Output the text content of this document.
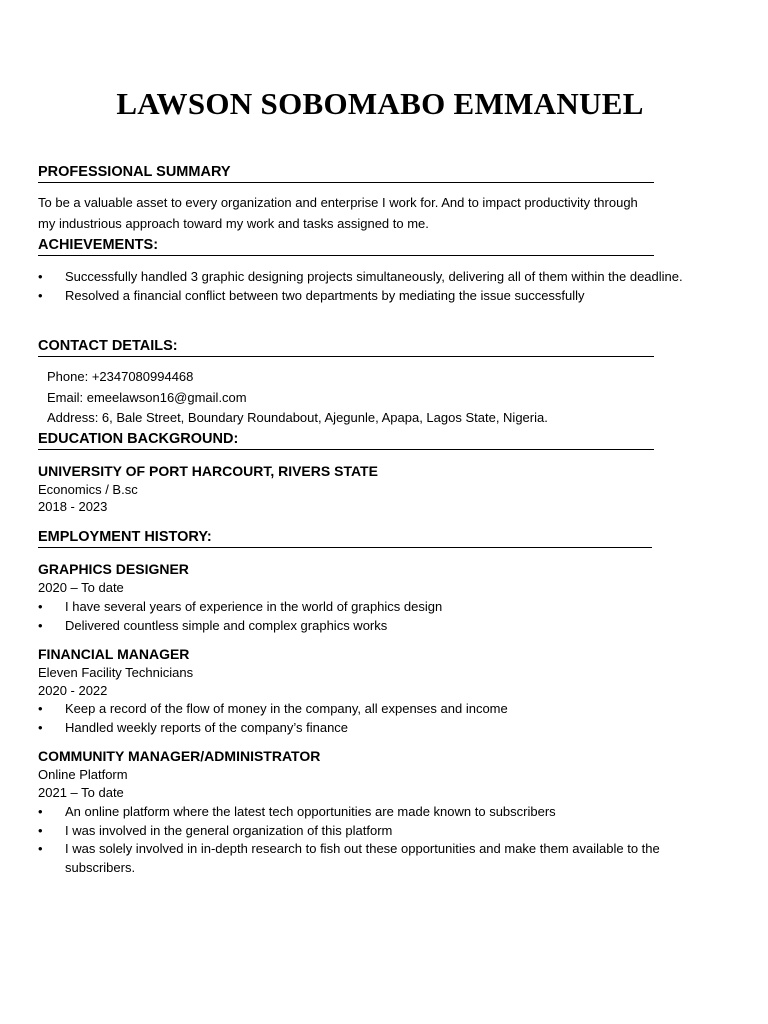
LAWSON SOBOMABO EMMANUEL
PROFESSIONAL SUMMARY
To be a valuable asset to every organization and enterprise I work for. And to impact productivity through
my industrious approach toward my work and tasks assigned to me.
ACHIEVEMENTS:
• Successfully handled 3 graphic designing projects simultaneously, delivering all of them within the deadline.
• Resolved a financial conflict between two departments by mediating the issue successfully
CONTACT DETAILS:
Phone: +2347080994468
Email: emeelawson16@gmail.com
Address: 6, Bale Street, Boundary Roundabout, Ajegunle, Apapa, Lagos State, Nigeria.
EDUCATION BACKGROUND:
UNIVERSITY OF PORT HARCOURT, RIVERS STATE
Economics / B.sc
2018 - 2023
EMPLOYMENT HISTORY:
GRAPHICS DESIGNER
2020 – To date
• I have several years of experience in the world of graphics design
• Delivered countless simple and complex graphics works
FINANCIAL MANAGER
Eleven Facility Technicians
2020 - 2022
• Keep a record of the flow of money in the company, all expenses and income
• Handled weekly reports of the company’s finance
COMMUNITY MANAGER/ADMINISTRATOR
Online Platform
2021 – To date
• An online platform where the latest tech opportunities are made known to subscribers
• I was involved in the general organization of this platform
• I was solely involved in in-depth research to fish out these opportunities and make them available to the subscribers.
